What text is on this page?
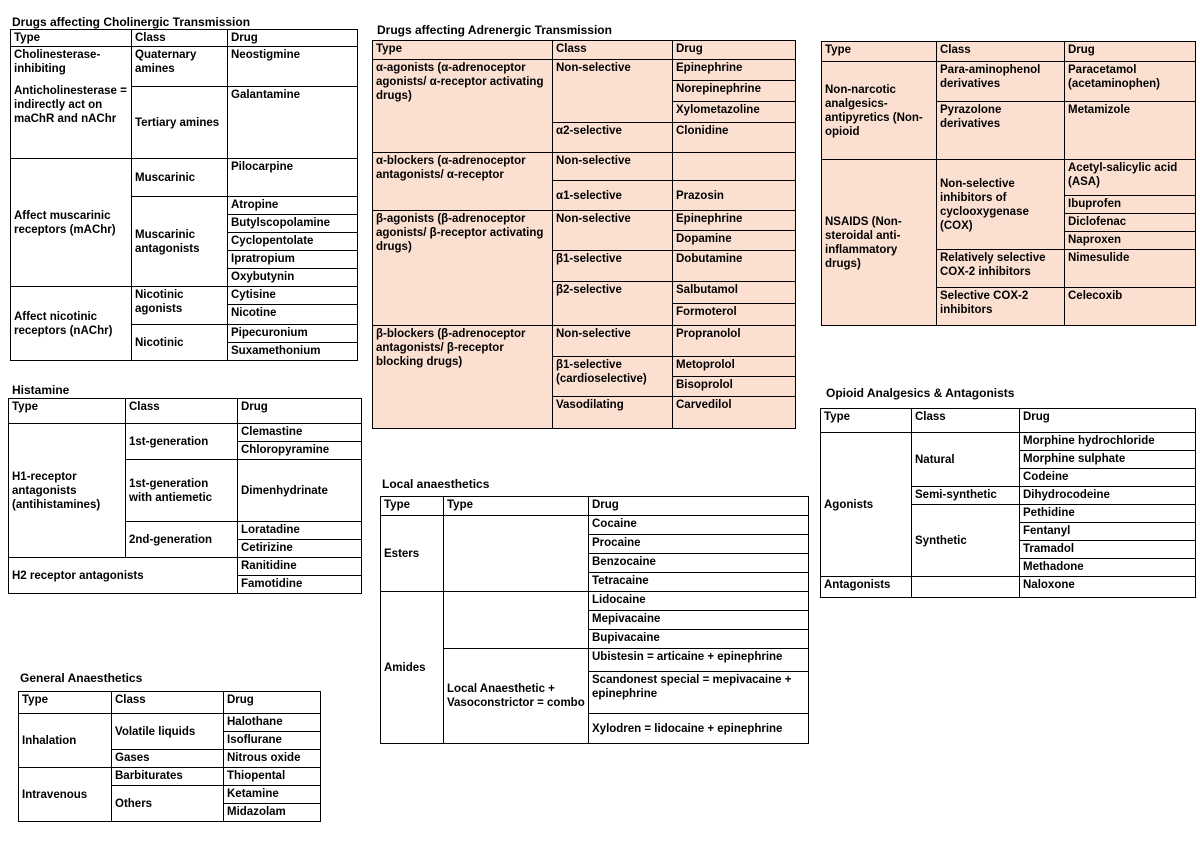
Drugs affecting Cholinergic Transmission
Type	Class	Drug

Cholinesterase-inhibiting
Anticholinesterase = indirectly act on maChR and nAChr	Quaternary amines	Neostigmine
	Tertiary amines	Galantamine
Affect muscarinic receptors (mAChr)	Muscarinic	Pilocarpine
	Muscarinic antagonists	Atropine
		Butylscopolamine
		Cyclopentolate
		Ipratropium
		Oxybutynin
Affect nicotinic receptors (nAChr)	Nicotinic agonists	Cytisine
		Nicotine
	Nicotinic	Pipecuronium
		Suxamethonium
Histamine
Type	Class	Drug
H1-receptor antagonists (antihistamines)	1st-generation	Clemastine
		Chloropyramine
	1st-generation with antiemetic	Dimenhydrinate
	2nd-generation	Loratadine
		Cetirizine
H2 receptor antagonists		Ranitidine
		Famotidine
General Anaesthetics
Type	Class	Drug
Inhalation	Volatile liquids	Halothane
		Isoflurane
	Gases	Nitrous oxide
Intravenous	Barbiturates	Thiopental
	Others	Ketamine
		Midazolam
Drugs affecting Adrenergic Transmission
Type	Class	Drug
α-agonists (α-adrenoceptor agonists/ α-receptor activating drugs)	Non-selective	Epinephrine
		Norepinephrine
		Xylometazoline
	α2-selective	Clonidine
α-blockers (α-adrenoceptor antagonists/ α-receptor	Non-selective	
	α1-selective	Prazosin
β-agonists (β-adrenoceptor agonists/ β-receptor activating drugs)	Non-selective	Epinephrine
		Dopamine
	β1-selective	Dobutamine
	β2-selective	Salbutamol
		Formoterol
β-blockers (β-adrenoceptor antagonists/ β-receptor blocking drugs)	Non-selective	Propranolol
	β1-selective (cardioselective)	Metoprolol
		Bisoprolol
	Vasodilating	Carvedilol
Local anaesthetics
Type	Type	Drug
Esters		Cocaine
		Procaine
		Benzocaine
		Tetracaine
Amides		Lidocaine
		Mepivacaine
		Bupivacaine
	Local Anaesthetic + Vasoconstrictor = combo	Ubistesin = articaine + epinephrine
		Scandonest special = mepivacaine + epinephrine
		Xylodren = lidocaine + epinephrine
Type	Class	Drug
Non-narcotic analgesics-antipyretics (Non-opioid	Para-aminophenol derivatives	Paracetamol (acetaminophen)
	Pyrazolone derivatives	Metamizole
NSAIDS (Non-steroidal anti-inflammatory drugs)	Non-selective inhibitors of cyclooxygenase (COX)	Acetyl-salicylic acid (ASA)
		Ibuprofen
		Diclofenac
		Naproxen
	Relatively selective COX-2 inhibitors	Nimesulide
	Selective COX-2 inhibitors	Celecoxib
Opioid Analgesics & Antagonists
Type	Class	Drug
Agonists	Natural	Morphine hydrochloride
		Morphine sulphate
		Codeine
	Semi-synthetic	Dihydrocodeine
	Synthetic	Pethidine
		Fentanyl
		Tramadol
		Methadone
Antagonists		Naloxone
